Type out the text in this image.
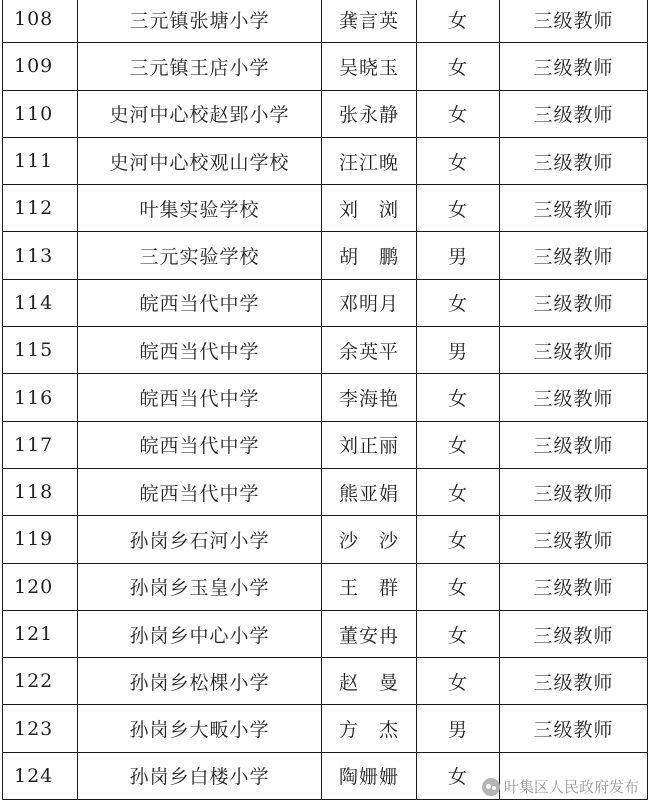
108	三元镇张塘小学	龚言英	女	三级教师
109	三元镇王店小学	吴晓玉	女	三级教师
110	史河中心校赵郢小学	张永静	女	三级教师
111	史河中心校观山学校	汪江晚	女	三级教师
112	叶集实验学校	刘　浏	女	三级教师
113	三元实验学校	胡　鹏	男	三级教师
114	皖西当代中学	邓明月	女	三级教师
115	皖西当代中学	余英平	男	三级教师
116	皖西当代中学	李海艳	女	三级教师
117	皖西当代中学	刘正丽	女	三级教师
118	皖西当代中学	熊亚娟	女	三级教师
119	孙岗乡石河小学	沙　沙	女	三级教师
120	孙岗乡玉皇小学	王　群	女	三级教师
121	孙岗乡中心小学	董安冉	女	三级教师
122	孙岗乡松棵小学	赵　曼	女	三级教师
123	孙岗乡大畈小学	方　杰	男	三级教师
124	孙岗乡白楼小学	陶姗姗	女	叶集区人民政府发布
